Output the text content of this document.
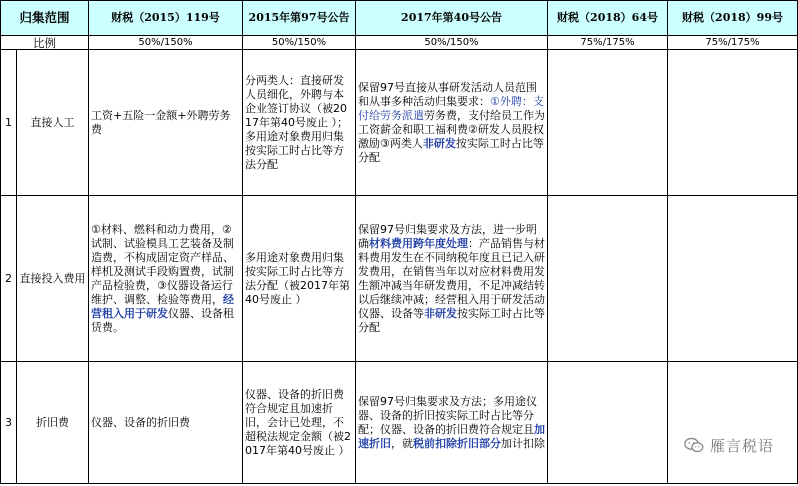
归集范围		财税（2015）119号	2015年第97号公告	2017年第40号公告	财税（2018）64号	财税（2018）99号
比例		50%/150%	50%/150%	50%/150%	75%/175%	75%/175%
1	直接人工	工资+五险一金额+外聘劳务费	分两类人：直接研发人员细化，外聘与本企业签订协议（被2017年第40号废止 ）；多用途对象费用归集按实际工时占比等方法分配	保留97号直接从事研发活动人员范围和从事多种活动归集要求：①外聘：支付给劳务派遣劳务费，支付给员工作为工资薪金和职工福利费②研发人员股权激励③两类人非研发按实际工时占比等分配		
2	直接投入费用	①材料、燃料和动力费用，②试制、试验模具工艺装备及制造费，不构成固定资产样品、样机及测试手段购置费，试制产品检验费，③仪器设备运行维护、调整、检验等费用，经营租入用于研发仪器、设备租赁费。	多用途对象费用归集按实际工时占比等方法分配（被2017年第40号废止 ）	保留97号归集要求及方法，进一步明确材料费用跨年度处理：产品销售与材料费用发生在不同纳税年度且已记入研发费用，在销售当年以对应材料费用发生额冲减当年研发费用，不足冲减结转以后继续冲减；经营租入用于研发活动仪器、设备等非研发按实际工时占比等分配		
3	折旧费	仪器、设备的折旧费	仪器、设备的折旧费符合规定且加速折旧，会计已处理，不超税法规定金额（被2017年第40号废止 ）	保留97号归集要求及方法；多用途仪器、设备的折旧按实际工时占比等分配；仪器、设备的折旧费符合规定且加速折旧，就税前扣除折旧部分加计扣除			雁言税语
